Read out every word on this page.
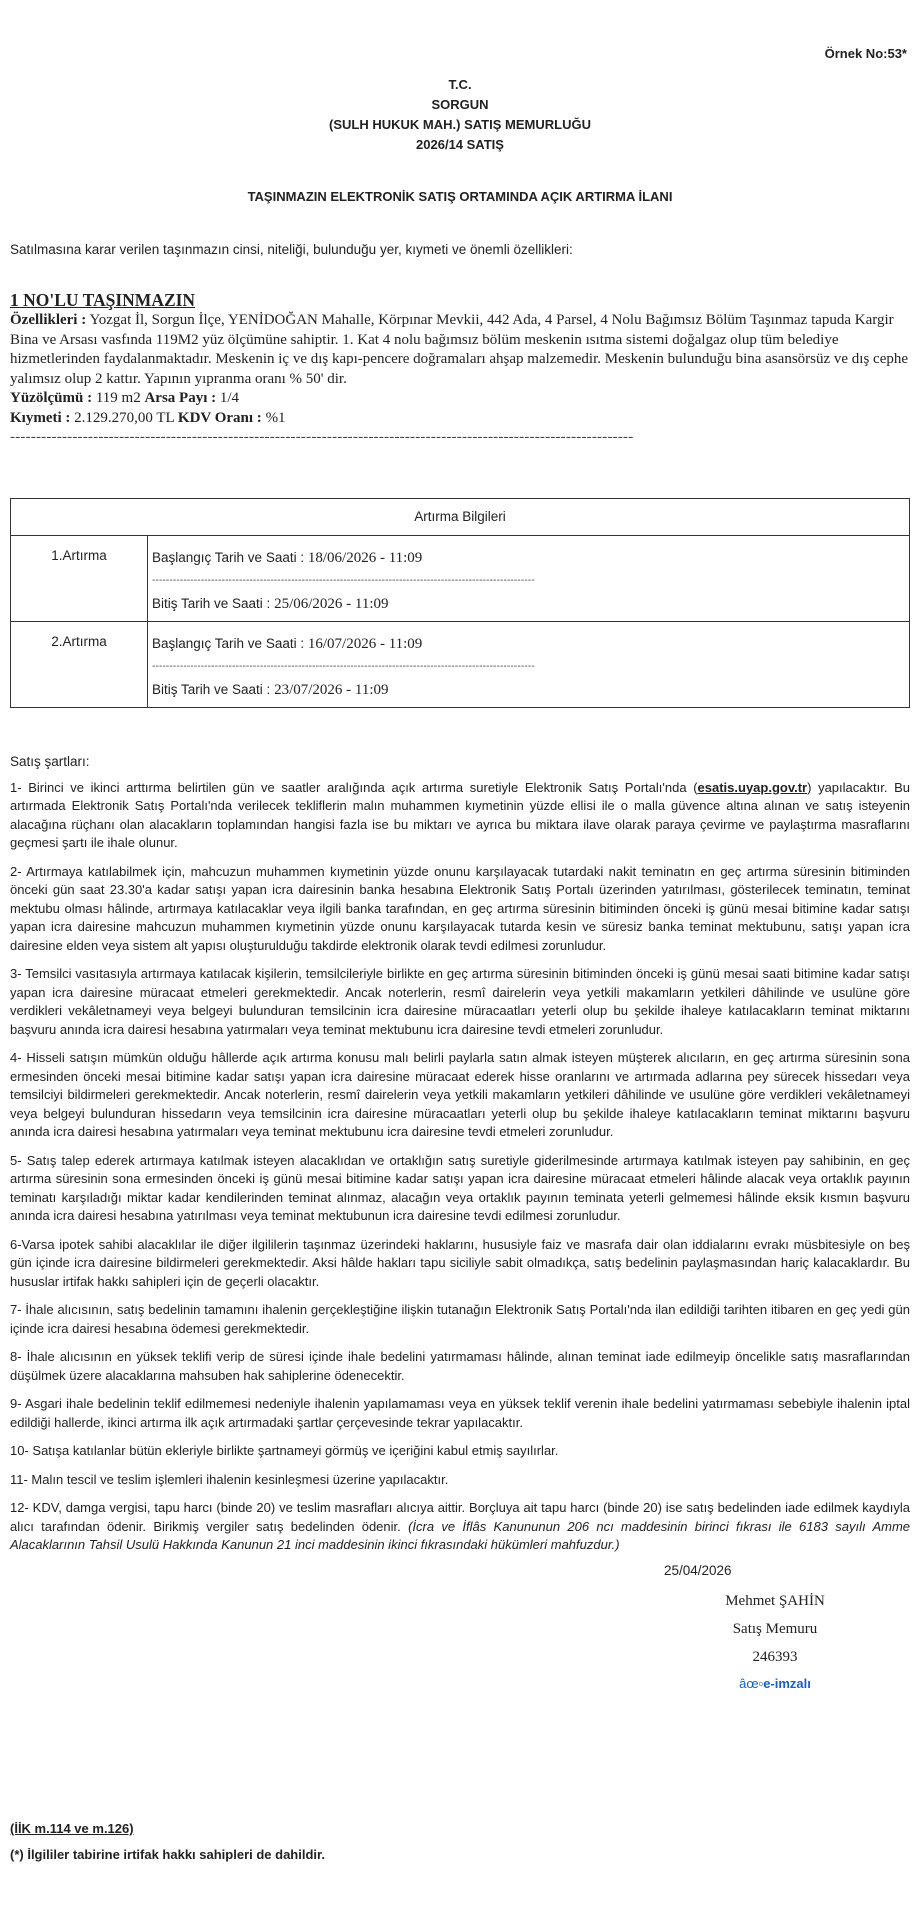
Örnek No:53*
T.C.
SORGUN
(SULH HUKUK MAH.) SATIŞ MEMURLUĞU
2026/14 SATIŞ
TAŞINMAZIN ELEKTRONİK SATIŞ ORTAMINDA AÇIK ARTIRMA İLANI
Satılmasına karar verilen taşınmazın cinsi, niteliği, bulunduğu yer, kıymeti ve önemli özellikleri:
1 NO'LU TAŞINMAZIN
Özellikleri : Yozgat İl, Sorgun İlçe, YENİDOĞAN Mahalle, Körpınar Mevkii, 442 Ada, 4 Parsel, 4 Nolu Bağımsız Bölüm Taşınmaz tapuda Kargir Bina ve Arsası vasfında 119M2 yüz ölçümüne sahiptir. 1. Kat 4 nolu bağımsız bölüm meskenin ısıtma sistemi doğalgaz olup tüm belediye hizmetlerinden faydalanmaktadır. Meskenin iç ve dış kapı-pencere doğramaları ahşap malzemedir. Meskenin bulunduğu bina asansörsüz ve dış cephe yalımsız olup 2 kattır. Yapının yıpranma oranı % 50' dir.
Yüzölçümü : 119 m2 Arsa Payı : 1/4
Kıymeti : 2.129.270,00 TL KDV Oranı : %1
------------------------------------------------------------------------------------------------------------------------
Artırma Bilgileri	
1.Artırma	Başlangıç Tarih ve Saati : 18/06/2026 - 11:09
--------------------------------------------------------------------------------------------------------------
Bitiş Tarih ve Saati : 25/06/2026 - 11:09

2.Artırma	Başlangıç Tarih ve Saati : 16/07/2026 - 11:09
--------------------------------------------------------------------------------------------------------------
Bitiş Tarih ve Saati : 23/07/2026 - 11:09
Satış şartları:
1- Birinci ve ikinci arttırma belirtilen gün ve saatler aralığında açık artırma suretiyle Elektronik Satış Portalı'nda (esatis.uyap.gov.tr) yapılacaktır. Bu artırmada Elektronik Satış Portalı'nda verilecek tekliflerin malın muhammen kıymetinin yüzde ellisi ile o malla güvence altına alınan ve satış isteyenin alacağına rüçhanı olan alacakların toplamından hangisi fazla ise bu miktarı ve ayrıca bu miktara ilave olarak paraya çevirme ve paylaştırma masraflarını geçmesi şartı ile ihale olunur.
2- Artırmaya katılabilmek için, mahcuzun muhammen kıymetinin yüzde onunu karşılayacak tutardaki nakit teminatın en geç artırma süresinin bitiminden önceki gün saat 23.30'a kadar satışı yapan icra dairesinin banka hesabına Elektronik Satış Portalı üzerinden yatırılması, gösterilecek teminatın, teminat mektubu olması hâlinde, artırmaya katılacaklar veya ilgili banka tarafından, en geç artırma süresinin bitiminden önceki iş günü mesai bitimine kadar satışı yapan icra dairesine mahcuzun muhammen kıymetinin yüzde onunu karşılayacak tutarda kesin ve süresiz banka teminat mektubunu, satışı yapan icra dairesine elden veya sistem alt yapısı oluşturulduğu takdirde elektronik olarak tevdi edilmesi zorunludur.
3- Temsilci vasıtasıyla artırmaya katılacak kişilerin, temsilcileriyle birlikte en geç artırma süresinin bitiminden önceki iş günü mesai saati bitimine kadar satışı yapan icra dairesine müracaat etmeleri gerekmektedir. Ancak noterlerin, resmî dairelerin veya yetkili makamların yetkileri dâhilinde ve usulüne göre verdikleri vekâletnameyi veya belgeyi bulunduran temsilcinin icra dairesine müracaatları yeterli olup bu şekilde ihaleye katılacakların teminat miktarını başvuru anında icra dairesi hesabına yatırmaları veya teminat mektubunu icra dairesine tevdi etmeleri zorunludur.
4- Hisseli satışın mümkün olduğu hâllerde açık artırma konusu malı belirli paylarla satın almak isteyen müşterek alıcıların, en geç artırma süresinin sona ermesinden önceki mesai bitimine kadar satışı yapan icra dairesine müracaat ederek hisse oranlarını ve artırmada adlarına pey sürecek hissedarı veya temsilciyi bildirmeleri gerekmektedir. Ancak noterlerin, resmî dairelerin veya yetkili makamların yetkileri dâhilinde ve usulüne göre verdikleri vekâletnameyi veya belgeyi bulunduran hissedarın veya temsilcinin icra dairesine müracaatları yeterli olup bu şekilde ihaleye katılacakların teminat miktarını başvuru anında icra dairesi hesabına yatırmaları veya teminat mektubunu icra dairesine tevdi etmeleri zorunludur.
5- Satış talep ederek artırmaya katılmak isteyen alacaklıdan ve ortaklığın satış suretiyle giderilmesinde artırmaya katılmak isteyen pay sahibinin, en geç artırma süresinin sona ermesinden önceki iş günü mesai bitimine kadar satışı yapan icra dairesine müracaat etmeleri hâlinde alacak veya ortaklık payının teminatı karşıladığı miktar kadar kendilerinden teminat alınmaz, alacağın veya ortaklık payının teminata yeterli gelmemesi hâlinde eksik kısmın başvuru anında icra dairesi hesabına yatırılması veya teminat mektubunun icra dairesine tevdi edilmesi zorunludur.
6-Varsa ipotek sahibi alacaklılar ile diğer ilgililerin taşınmaz üzerindeki haklarını, hususiyle faiz ve masrafa dair olan iddialarını evrakı müsbitesiyle on beş gün içinde icra dairesine bildirmeleri gerekmektedir. Aksi hâlde hakları tapu siciliyle sabit olmadıkça, satış bedelinin paylaşmasından hariç kalacaklardır. Bu hususlar irtifak hakkı sahipleri için de geçerli olacaktır.
7- İhale alıcısının, satış bedelinin tamamını ihalenin gerçekleştiğine ilişkin tutanağın Elektronik Satış Portalı'nda ilan edildiği tarihten itibaren en geç yedi gün içinde icra dairesi hesabına ödemesi gerekmektedir.
8- İhale alıcısının en yüksek teklifi verip de süresi içinde ihale bedelini yatırmaması hâlinde, alınan teminat iade edilmeyip öncelikle satış masraflarından düşülmek üzere alacaklarına mahsuben hak sahiplerine ödenecektir.
9- Asgari ihale bedelinin teklif edilmemesi nedeniyle ihalenin yapılamaması veya en yüksek teklif verenin ihale bedelini yatırmaması sebebiyle ihalenin iptal edildiği hallerde, ikinci artırma ilk açık artırmadaki şartlar çerçevesinde tekrar yapılacaktır.
10- Satışa katılanlar bütün ekleriyle birlikte şartnameyi görmüş ve içeriğini kabul etmiş sayılırlar.
11- Malın tescil ve teslim işlemleri ihalenin kesinleşmesi üzerine yapılacaktır.
12- KDV, damga vergisi, tapu harcı (binde 20) ve teslim masrafları alıcıya aittir. Borçluya ait tapu harcı (binde 20) ise satış bedelinden iade edilmek kaydıyla alıcı tarafından ödenir. Birikmiş vergiler satış bedelinden ödenir. (İcra ve İflâs Kanununun 206 ncı maddesinin birinci fıkrası ile 6183 sayılı Amme Alacaklarının Tahsil Usulü Hakkında Kanunun 21 inci maddesinin ikinci fıkrasındaki hükümleri mahfuzdur.)
25/04/2026
Mehmet ŞAHİN
Satış Memuru
246393
âœ▫e-imzalı
(İİK m.114 ve m.126)
(*) İlgililer tabirine irtifak hakkı sahipleri de dahildir.
